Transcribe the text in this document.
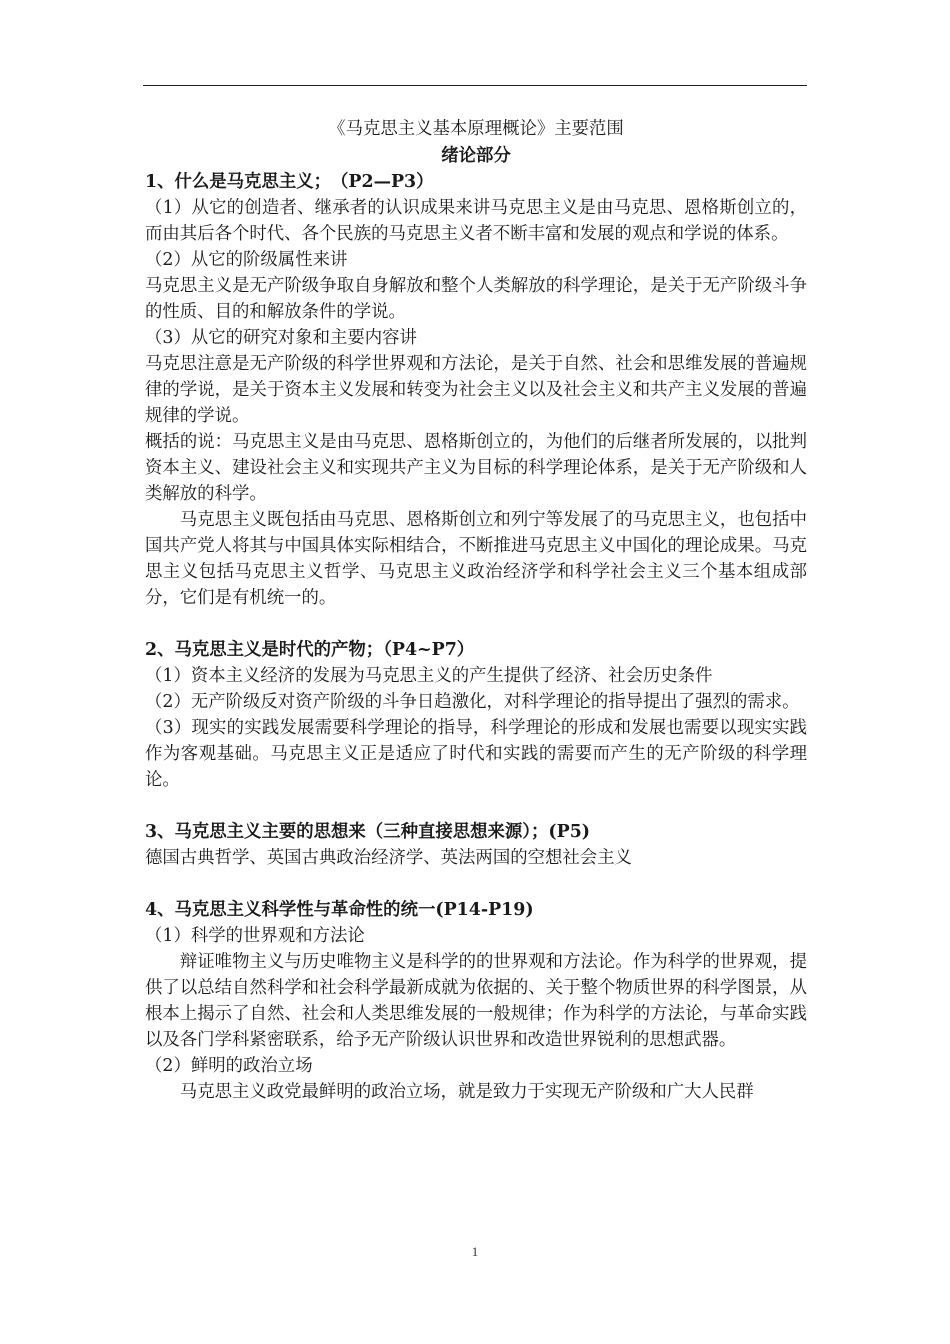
《马克思主义基本原理概论》主要范围
绪论部分
1、什么是马克思主义；　（P2—P3）

（1）从它的创造者、继承者的认识成果来讲马克思主义是由马克思、恩格斯创立的，而由其后各个时代、各个民族的马克思主义者不断丰富和发展的观点和学说的体系。

（2）从它的阶级属性来讲

马克思主义是无产阶级争取自身解放和整个人类解放的科学理论，是关于无产阶级斗争的性质、目的和解放条件的学说。

（3）从它的研究对象和主要内容讲

马克思注意是无产阶级的科学世界观和方法论，是关于自然、社会和思维发展的普遍规律的学说，是关于资本主义发展和转变为社会主义以及社会主义和共产主义发展的普遍规律的学说。

概括的说：马克思主义是由马克思、恩格斯创立的，为他们的后继者所发展的，以批判资本主义、建设社会主义和实现共产主义为目标的科学理论体系，是关于无产阶级和人类解放的科学。

马克思主义既包括由马克思、恩格斯创立和列宁等发展了的马克思主义，也包括中国共产党人将其与中国具体实际相结合，不断推进马克思主义中国化的理论成果。马克思主义包括马克思主义哲学、马克思主义政治经济学和科学社会主义三个基本组成部分，它们是有机统一的。

2、马克思主义是时代的产物；（P4~P7）

（1）资本主义经济的发展为马克思主义的产生提供了经济、社会历史条件

（2）无产阶级反对资产阶级的斗争日趋激化，对科学理论的指导提出了强烈的需求。

（3）现实的实践发展需要科学理论的指导，科学理论的形成和发展也需要以现实实践作为客观基础。马克思主义正是适应了时代和实践的需要而产生的无产阶级的科学理论。

3、马克思主义主要的思想来（三种直接思想来源）；(P5)

德国古典哲学、英国古典政治经济学、英法两国的空想社会主义

4、马克思主义科学性与革命性的统一(P14-P19)

（1）科学的世界观和方法论

辩证唯物主义与历史唯物主义是科学的的世界观和方法论。作为科学的世界观，提供了以总结自然科学和社会科学最新成就为依据的、关于整个物质世界的科学图景，从根本上揭示了自然、社会和人类思维发展的一般规律；作为科学的方法论，与革命实践以及各门学科紧密联系，给予无产阶级认识世界和改造世界锐利的思想武器。

（2）鲜明的政治立场

马克思主义政党最鲜明的政治立场，就是致力于实现无产阶级和广大人民群

1
